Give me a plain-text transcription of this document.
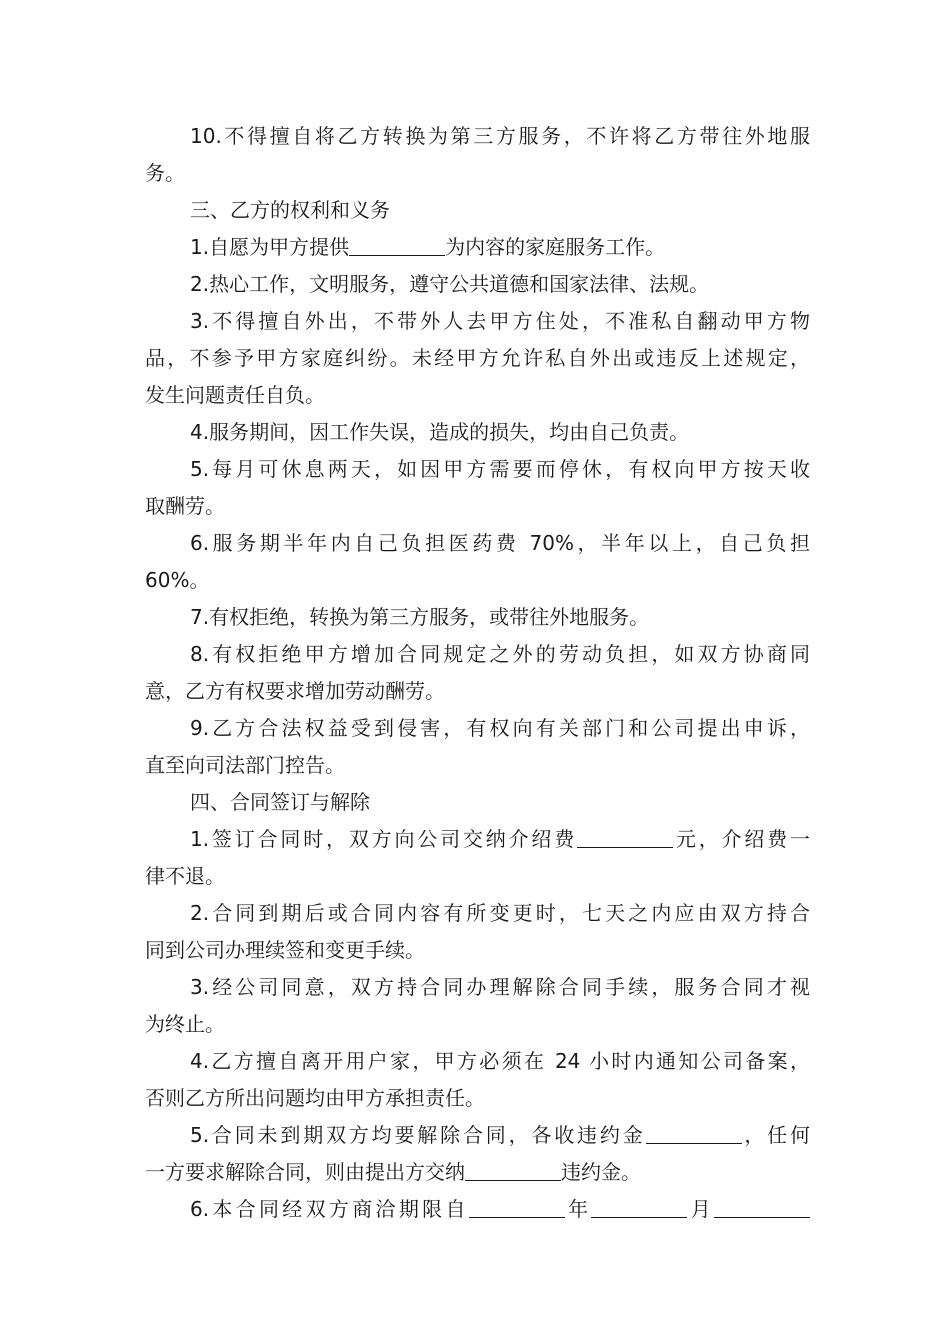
10.不得擅自将乙方转换为第三方服务，不许将乙方带往外地服
务。
三、乙方的权利和义务
1.自愿为甲方提供	为内容的家庭服务工作。
2.热心工作，文明服务，遵守公共道德和国家法律、法规。
3.不得擅自外出，不带外人去甲方住处，不准私自翻动甲方物
品，不参予甲方家庭纠纷。未经甲方允许私自外出或违反上述规定，
发生问题责任自负。
4.服务期间，因工作失误，造成的损失，均由自己负责。
5.每月可休息两天，如因甲方需要而停休，有权向甲方按天收
取酬劳。
6.服务期半年内自己负担医药费 70%，半年以上，自己负担
60%。
7.有权拒绝，转换为第三方服务，或带往外地服务。
8.有权拒绝甲方增加合同规定之外的劳动负担，如双方协商同
意，乙方有权要求增加劳动酬劳。
9.乙方合法权益受到侵害，有权向有关部门和公司提出申诉，
直至向司法部门控告。
四、合同签订与解除
1.签订合同时，双方向公司交纳介绍费	元，介绍费一
律不退。
2.合同到期后或合同内容有所变更时，七天之内应由双方持合
同到公司办理续签和变更手续。
3.经公司同意，双方持合同办理解除合同手续，服务合同才视
为终止。
4.乙方擅自离开用户家，甲方必须在 24 小时内通知公司备案，
否则乙方所出问题均由甲方承担责任。
5.合同未到期双方均要解除合同，各收违约金	，任何
一方要求解除合同，则由提出方交纳	违约金。
6.本合同经双方商洽期限自	年	月
